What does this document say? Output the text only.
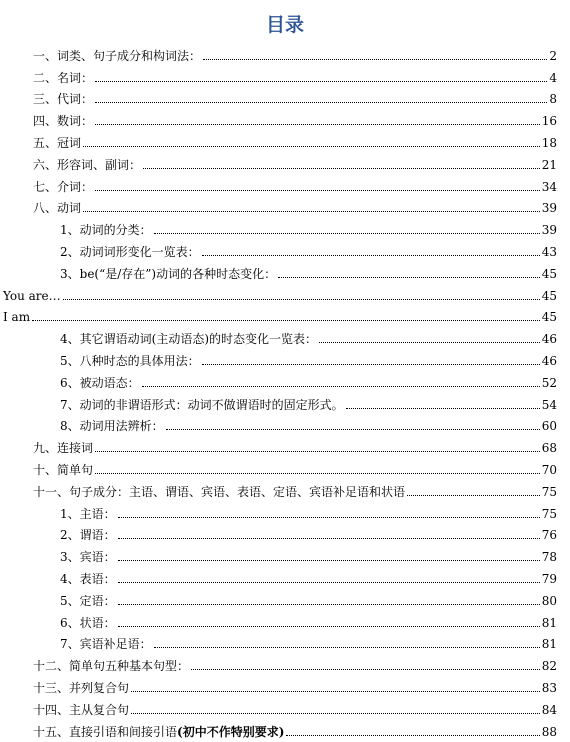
目录
一、词类、句子成分和构词法：	2
二、名词：	4
三、代词：	8
四、数词：	16
五、冠词	18
六、形容词、副词：	21
七、介词：	34
八、动词	39
1、动词的分类：	39
2、动词词形变化一览表：	43
3、be(“是/存在”)动词的各种时态变化：	45
You are…	45
I am	45
4、其它谓语动词(主动语态)的时态变化一览表：	46
5、八种时态的具体用法：	46
6、被动语态：	52
7、动词的非谓语形式：动词不做谓语时的固定形式。	54
8、动词用法辨析：	60
九、连接词	68
十、简单句	70
十一、句子成分：主语、谓语、宾语、表语、定语、宾语补足语和状语	75
1、主语：	75
2、谓语：	76
3、宾语：	78
4、表语：	79
5、定语：	80
6、状语：	81
7、宾语补足语：	81
十二、简单句五种基本句型：	82
十三、并列复合句	83
十四、主从复合句	84
十五、直接引语和间接引语(初中不作特别要求)	88
